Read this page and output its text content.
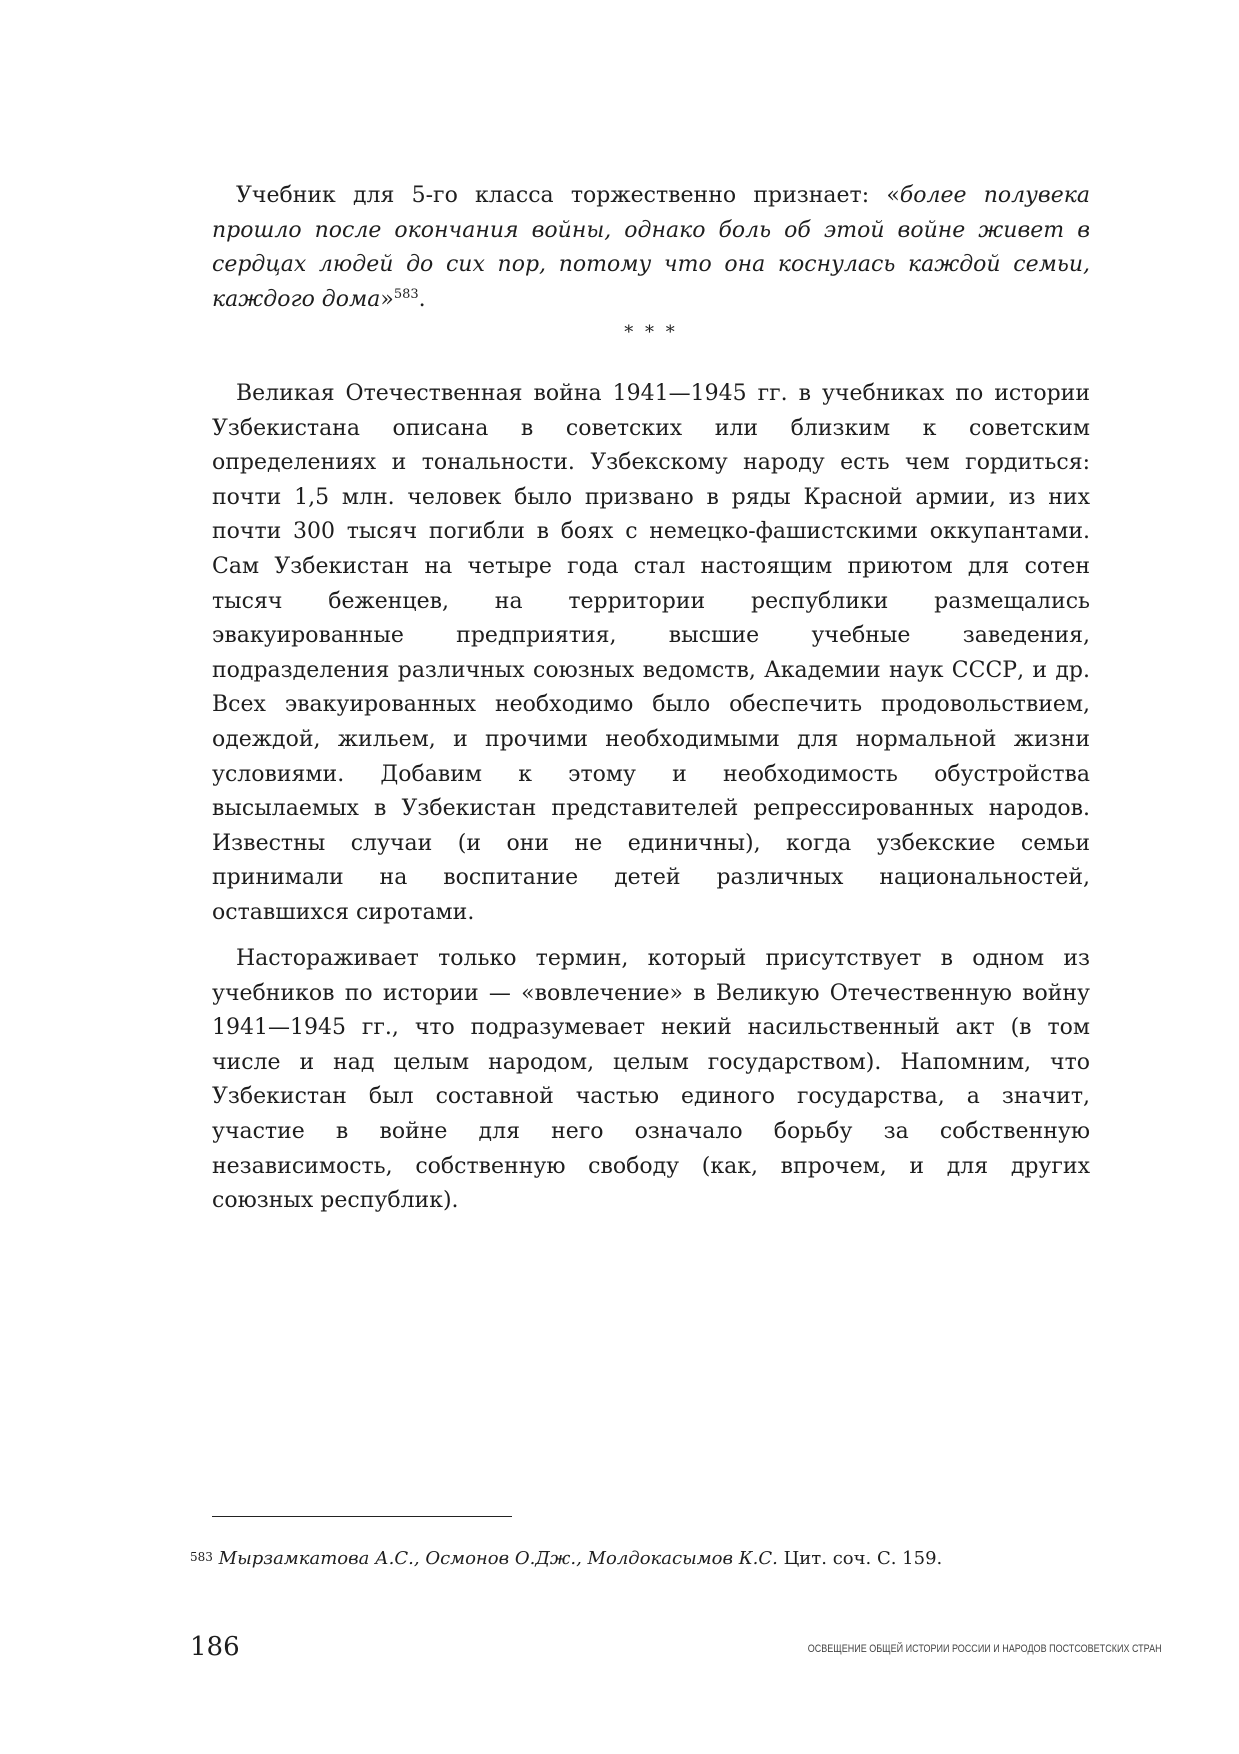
Учебник для 5-го класса торжественно признает: «более полувека
прошло после окончания войны, однако боль об этой войне живет в
сердцах людей до сих пор, потому что она коснулась каждой семьи,
каждого дома»$^{583}$.
* * *
Великая Отечественная война 1941—1945 гг. в учебниках по истории
Узбекистана описана в советских или близким к советским
определениях и тональности. Узбекскому народу есть чем гордиться:
почти 1,5 млн. человек было призвано в ряды Красной армии, из них
почти 300 тысяч погибли в боях с немецко-фашистскими оккупантами.
Сам Узбекистан на четыре года стал настоящим приютом для сотен
тысяч беженцев, на территории республики размещались
эвакуированные предприятия, высшие учебные заведения,
подразделения различных союзных ведомств, Академии наук СССР, и др.
Всех эвакуированных необходимо было обеспечить продовольствием,
одеждой, жильем, и прочими необходимыми для нормальной жизни
условиями. Добавим к этому и необходимость обустройства
высылаемых в Узбекистан представителей репрессированных народов.
Известны случаи (и они не единичны), когда узбекские семьи
принимали на воспитание детей различных национальностей,
оставшихся сиротами.
Настораживает только термин, который присутствует в одном из
учебников по истории — «вовлечение» в Великую Отечественную войну
1941—1945 гг., что подразумевает некий насильственный акт (в том
числе и над целым народом, целым государством). Напомним, что
Узбекистан был составной частью единого государства, а значит,
участие в войне для него означало борьбу за собственную
независимость, собственную свободу (как, впрочем, и для других
союзных республик).
$^{583}$ Мырзамкатова А.С., Осмонов О.Дж., Молдокасымов К.С. Цит. соч. С. 159.
186	ОСВЕЩЕНИЕ ОБЩЕЙ ИСТОРИИ РОССИИ И НАРОДОВ ПОСТСОВЕТСКИХ СТРАН
